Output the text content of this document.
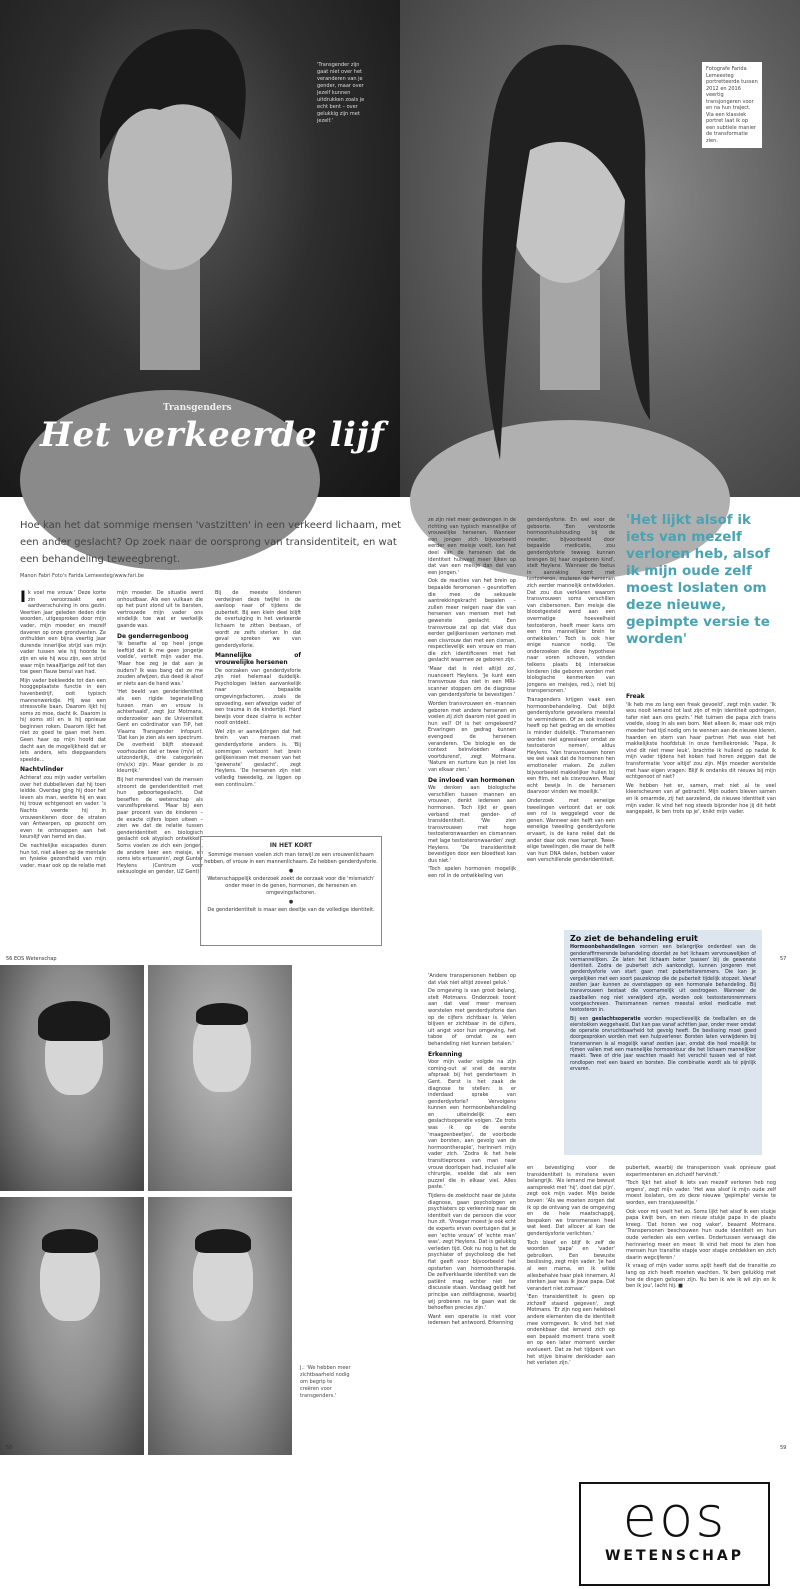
'Transgender zijn gaat niet over het veranderen van je gender, maar over jezelf kunnen uitdrukken zoals je echt bent – over gelukkig zijn met jezelf.'
Transgenders
Het verkeerde lijf
Fotografe Farida Lemeesteg portretteerde tussen 2012 en 2016 veertig transjongeren voor en na hun traject. Via een klassiek portret laat ik op een subtiele manier de transformatie zien.
Hoe kan het dat sommige mensen 'vastzitten' in een verkeerd lichaam, met een ander geslacht? Op zoek naar de oorsprong van transidentiteit, en wat een behandeling teweegbrengt.
Manon Fabri Foto's Farida Lemeesteg/www.fari.be

Ik voel me vrouw.' Deze korte zin veroorzaakt een aardverschuiving in ons gezin. Veertien jaar geleden deden drie woorden, uitgesproken door mijn vader, mijn moeder en mezelf daveren op onze grondvesten. Ze onthulden een bijna veertig jaar durende innerlijke strijd van mijn vader tussen wie hij hoorde te zijn en wie hij wou zijn, een strijd waar mijn twaalfjarige zelf tot dan toe geen flauw benul van had.

Mijn vader bekleedde tot dan een hooggeplaatste functie in een havenbedrijf, ooit typisch mannenwerkdje. Hij was een stressvolle baan. Daarom lijkt hij soms zo moe, dacht ik. Daarom is hij soms stil en is hij opnieuw beginnen roken. Daarom lijkt het niet zo goed te gaan met hem. Geen haar op mijn hoofd dat dacht aan de mogelijkheid dat er iets anders, iets diepgaanders speelde…

Nachtvlinder

Achteraf zou mijn vader vertellen over het dubbelleven dat hij toen leidde. Overdag ging hij door het leven als man, werkte hij en was hij trouw echtgenoot en vader. 's Nachts veerde hij in vrouwenkleren door de straten van Antwerpen, op gezocht om even te ontsnappen aan het keurslijf van hemd en das.

De nachtelijke escapades duren hun tol, niet alleen op de mentale en fysieke gezondheid van mijn vader, maar ook op de relatie met

mijn moeder. De situatie werd onhoudbaar. Als een vulkaan die op het punt stond uit te barsten, vertrouwde mijn vader ons eindelijk toe wat er werkelijk gaande was.

De genderregenboog

'Ik besefte al op heel jonge leeftijd dat ik me geen jongetje voelde', vertelt mijn vader me. 'Maar hoe zeg je dat aan je ouders? Ik was bang dat ze me zouden afwijzen, dus deed ik alsof er niets aan de hand was.'

'Het beeld van genderidentiteit als een rigide tegenstelling tussen man en vrouw is achterhaald', zegt Joz Motmans, onderzoeker aan de Universiteit Gent en coördinator van TiP, het Vlaams Transgender Infopunt. 'Dat kan je zien als een spectrum. De overheid blijft steevast voorhouden dat er twee (m/v) of, uitzonderlijk, drie categorieën (m/v/x) zijn. Maar gender is zo kleurrijk.'

Bij het merendeel van de mensen stroomt de genderidentiteit met hun geboortegeslacht. Dat beseffen de wetenschap als vanzelfsprekend. 'Maar bij een paar procent van de kinderen – de exacte cijfers lopen uiteen – zien we dat de relatie tussen genderidentiteit en biologisch geslacht ook atypisch ontwikkelt. Soms voelen ze zich een jongen, de andere keer een meisje, en soms iets ertussenin', zegt Gunter Heylens (Centrum voor seksuologie en gender, UZ Gent).

Bij de meeste kinderen verdwijnen deze twijfel in de aanloop naar of tijdens de puberteit. Bij een klein deel blijft de overtuiging in het verkeerde lichaam te zitten bestaan, of wordt ze zelfs sterker. In dat geval spreken we van genderdysforie.

Mannelijke of vrouwelijke hersenen

De oorzaken van genderdysforie zijn niet helemaal duidelijk. Psychologen lekten aanvankelijk naar bepaalde omgevingsfactoren, zoals de opvoeding, een afwezige vader of een trauma in de kindertijd. Hard bewijs voor deze claims is echter nooit ontdekt.

Wel zijn er aanwijzingen dat het brein van mensen met genderdysforie anders is. 'Bij sommigen vertoont het brein gelijkenissen met mensen van het 'gewenste' geslacht', zegt Heylens. 'De hersenen zijn niet volledig tweedelig, ze liggen op een continuüm.'

IN HET KORT

Sommige mensen voelen zich man terwijl ze een vrouwenlichaam hebben, of vrouw in een mannenlichaam. Ze hebben genderdysforie.

●

Wetenschappelijk onderzoek zoekt de oorzaak voor die 'mismatch' onder meer in de genen, hormonen, de hersenen en omgevingsfactoren.

●

De genderidentiteit is maar een deeltje van de volledige identiteit.

ze zijn niet meer gedwongen in de richting van typisch mannelijke of vrouwelijke hersenen. Wanneer een jongen zich bijvoorbeeld eerder een meisje voelt, kan het deel van de hersenen dat de identiteit huisvest meer lijken op dat van een meisje dan dat van een jongen.'

Ook de reacties van het brein op bepaalde feromonen – geurstoffen die mee de seksuele aantrekkingskracht bepalen – zullen meer neigen naar die van hersenen van mensen met het gewenste geslacht. Een transvrouw zal op dat vlak dus eerder gelijkenissen vertonen met een cisvrouw dan met een cisman, respectievelijk een vrouw en man die zich identificeren met het geslacht waarmee ze geboren zijn.

'Maar dat is niet altijd zo', nuanceert Heylens. 'Je kunt een transvrouw dus niet in een MRI-scanner stoppen om de diagnose van genderdysforie te bevestigen.'

Worden transvrouwen en -mannen geboren met andere hersenen en voelen zij zich daarom niet goed in hun vel? Of is het omgekeerd? Ervaringen en gedrag kunnen evengoed de hersenen veranderen. 'De biologie en de context beïnvloeden elkaar voortdurend', zegt Motmans. 'Nature en nurture kun je niet los van elkaar zien.'

De invloed van hormonen

We denken aan biologische verschillen tussen mannen en vrouwen, denkt iedereen aan hormonen. Toch lijkt er geen verband met gender- of transidentiteit. 'We zien transvrouwen met hoge testosteronwaarden en cismannen met lage testosteronwaarden' zegt Heylens. 'De transidentiteit bevestigen door een bloedtest kan dus niet.'

'Toch spelen hormonen mogelijk een rol in de ontwikkeling van

genderdysforie. En wel voor de geboorte. 'Een verstoorde hormoonhuishouding bij de moeder, bijvoorbeeld door bepaalde medicatie, zou genderdysforie teweeg kunnen brengen bij haar ongeboren kind', stelt Heylens. 'Wanneer de foetus in aanraking komt met testosteron, muteren de hersenen zich eerder mannelijk ontwikkelen. Dat zou dus verklaren waarom transvrouwen soms verschillen van cisbersonen. Een meisje die bloostgesteld werd aan een overmatige hoeveelheid testosteron, heeft meer kans om een trns mannelijker brein te ontwikkelen.' Toch is ook hier enige nuance nodig. 'De onderzoeken die deze hypothese naar voren schoven, vonden telkens plaats bij intersekse kinderen (die geboren worden met biologische kenmerken van jongens en meisjes, red.), niet bij transpersonen.'

Transgenders krijgen vaak een hormoonbehandeling. Dat blijkt genderdysforie gevoelens meestal te verminderen. Of ze ook invloed heeft op het gedrag en de emoties is minder duidelijk. 'Transmannen worden niet agressiever omdat ze testosteron nemen', aldus Heylens. 'Van transvrouwen horen we wel vaak dat de hormonen hen emotioneler maken. Ze zullen bijvoorbeeld makkelijker huilen bij een film, net als cisvrouwen. Maar echt bewijs in de hersenen daarvoor vinden we moeilijk.'

Onderzoek met eeneiige tweelingen vertoont dat er ook een rol is weggelegd voor de genen. Wanneer één helft van een eeneiige tweeling genderdysforie ervaart, is de kans reëel dat de ander daar ook mee kampt. Twee-eiige tweelingen, die maar de helft van hun DNA delen, hebben vaker een verschillende genderidentiteit.

'Het lijkt alsof ik iets van mezelf verloren heb, alsof ik mijn oude zelf moest loslaten om deze nieuwe, gepimpte versie te worden'
Freak

'Ik heb me zo lang een freak gevoeld', zegt mijn vader. 'Ik wou nooit iemand tot last zijn of mijn identiteit opdringen, tafer niet aan ons gezin.' Het tuimen die papa zich trans voelde, sloeg in als een bom. Niet alleen ik, maar ook mijn moeder had tijd nodig om te wennen aan de nieuwe kleren, haarden en stem van haar partner. Het was niet het makkelijkste hoofdstuk in onze familiekroniek. 'Papa, ik vind dit niet meer leuk', brachtte ik huilend op nadat ik mijn vader tijdens het koken had horen zeggen dat de transformatie 'voor altijd' zou zijn. Mijn moeder worstelde met haar eigen vragen: Blijf ik ondanks dit nieuws bij mijn echtgenoot of niet?

We hebben het er, samen, met niet al te veel kleerscheuren van af gebracht. Mijn ouders bleven samen en ik omarmde, zij het aarzelend, de nieuwe identiteit van mijn vader. Ik vind het nog steeds bijzonder hoe jij dit hebt aangepakt, ik ben trots op je', knikt mijn vader.

56 EOS Wetenschap	57
J.: 'We hebben meer zichtbaarheid nodig om begrip te creëren voor transgenders.'

'Andere transpersonen hebben op dat vlak niet altijd zoveel geluk.'

De omgeving is van groot belang, stelt Motmans. Onderzoek toont aan dat veel meer mensen worstelen met genderdysforie dan op de cijfers zichtbaar is. Velen blijven er zichtbaar in de cijfers, uit angst voor hun omgeving, het taboe of omdat ze een behandeling niet kunnen betalen.'

Erkenning

Voor mijn vader volgde na zijn coming-out al snel de eerste afspraak bij het genderteam in Gent. Eerst is het zaak de diagnose te stellen: is er inderdaad sprake van genderdysforie? Vervolgens kunnen een hormoonbehandeling en uiteindelijk een geslachtsoperatie volgen. 'Ze trots was ik op de eerste 'maagzenbeetjes', de voorbode van borsten, aan gevolg van de hormoontherapie', herinnert mijn vader zich. 'Zodra ik het hele transitieproces van man naar vrouw doorlopen had, inclusief alle chirurgie, voelde dat als een puzzel die in elkaar viel. Alles paste.'

Tijdens de zoektocht naar de juiste diagnose, gaan psychologen en psychiaters op verkenning naar de identiteit van de persoon die voor hun zit. 'Vroeger moest je ook echt de experts ervan overtuigen dat je een 'echte vrouw' of 'echte man' was', zegt Heylens. Dat is gelukkig verleden tijd. Ook nu nog is het de psychiater of psycholoog die het fiat geeft voor bijvoorbeeld het opstarten van hormoontherapie. De zelfverklaarde identiteit van de patiënt mag echter niet ter discussie staan. Vandaag geldt het principe van zelfdiagnose, waarbij wij proberen na te gaan wat de behoeften precies zijn.'

Want een operatie is niet voor iedereen het antwoord. Erkenning

en bevestiging voor de transidentiteit is minstens even belangrijk. 'Als iemand me bewust aanspreekt met 'hij', doet dat pijn', zegt ook mijn vader. Mijn beide boven: 'Als we moeten zorgen dat ik op de ontvang van de omgeving en de hele maatschappij, bespaken we transmensen heel wat leed. Dat allocer al kan de genderdysforie verlichten.'

Toch bleef en blijf ik zelf de woorden 'papa' en 'vader' gebruiken. Een bewuste beslissing, zegt mijn vader. 'Je had al een mama, en ik wilde allesbehalve haar plek innemen. Al sterken jaar was ik jouw papa. Dat verandert niet zomaar.'

'Een transidentiteit is geen op zichzelf staand gegeven', zegt Motmans. 'Er zijn nog een heleboel andere elementen die de identiteit mee vormgeven. Ik vind het niet ondenkbaar dat iemand zich op een bepaald moment trans voelt en op een later moment verder evolueert. Dat ze het tijdperk van het stijve binaire denkkader aan het verlaten zijn.'

puberteit, waarbij de transpersoon vaak opnieuw gaat experimenteren en zichzelf hervindt.'

'Toch lijkt het alsof ik iets van mezelf verloren heb nog ergens', zegt mijn vader. 'Het was alsof ik mijn oude zelf moest loslaten, om zo deze nieuwe 'gepimpte' versie te worden, een transjuweeltje.'

Ook voor mij voelt het zo. Soms lijkt het alsof ik een stukje papa kwijt ben, en een nieuw stukje papa in de plaats kreeg. 'Dat horen we nog vaker', beaamt Motmans. 'Transpersonen beschouwen hun oude identiteit en hun oude verleden als een verlies. Ondertussen vervaagt die herinnering meer en meer. Ik vind het mooi te zien hoe mensen hun transitie stapje voor stapje ontdekken en zich daarin wegcijferen.'

Ik vraag of mijn vader soms spijt heeft dat de transitie zo lang op zich heeft moeten wachten. 'Ik ben gelukkig met hoe de dingen gelopen zijn. Nu ben ik wie ik wil zijn en ik ben ik jou', lacht hij. ■

Zo ziet de behandeling eruit

Hormoonbehandelingen vormen een belangrijke onderdeel van de genderaffirmerende behandeling doordat ze het lichaam vervrouwelijken of vermannelijken. Ze laten het lichaam beter 'passen' bij de gewenste identiteit. Zodra de puberteit zich aankondigt, kunnen jongeren met genderdysforie van start gaan met puberteitsremmers. Die kan je vergelijken met een soort pauzeknop die de puberteit tijdelijk stopzet. Vanaf zestien jaar kunnen ze overstappen op een hormonale behandeling. Bij transvrouwen bestaat die voornamelijk uit oestrogeen. Wanneer de zaadballen nog niet verwijderd zijn, worden ook testosteronremmers voorgeschreven. Transmannen nemen meestal enkel medicatie met testosteron in.

Bij een geslachtsoperatie worden respectievelijk de teelballen en de eierstokken weggehaald. Dat kan pas vanaf achttien jaar, onder meer omdat de operatie onvruchtbaarheid tot gevolg heeft. De beslissing moet goed doorgesproken worden met een hulpverlener. Borsten laten verwijderen bij transmannen is al mogelijk vanaf zestien jaar, omdat die heel moeilijk te rijmen vallen met een mannelijke hormoonkuur die het lichaam mannelijker maakt. Twee of drie jaar wachten maakt het verschil tussen wel of niet rondlopen met een baard en borsten. Die combinatie wordt als té pijnlijk ervaren.

58	59
eos
WETENSCHAP
